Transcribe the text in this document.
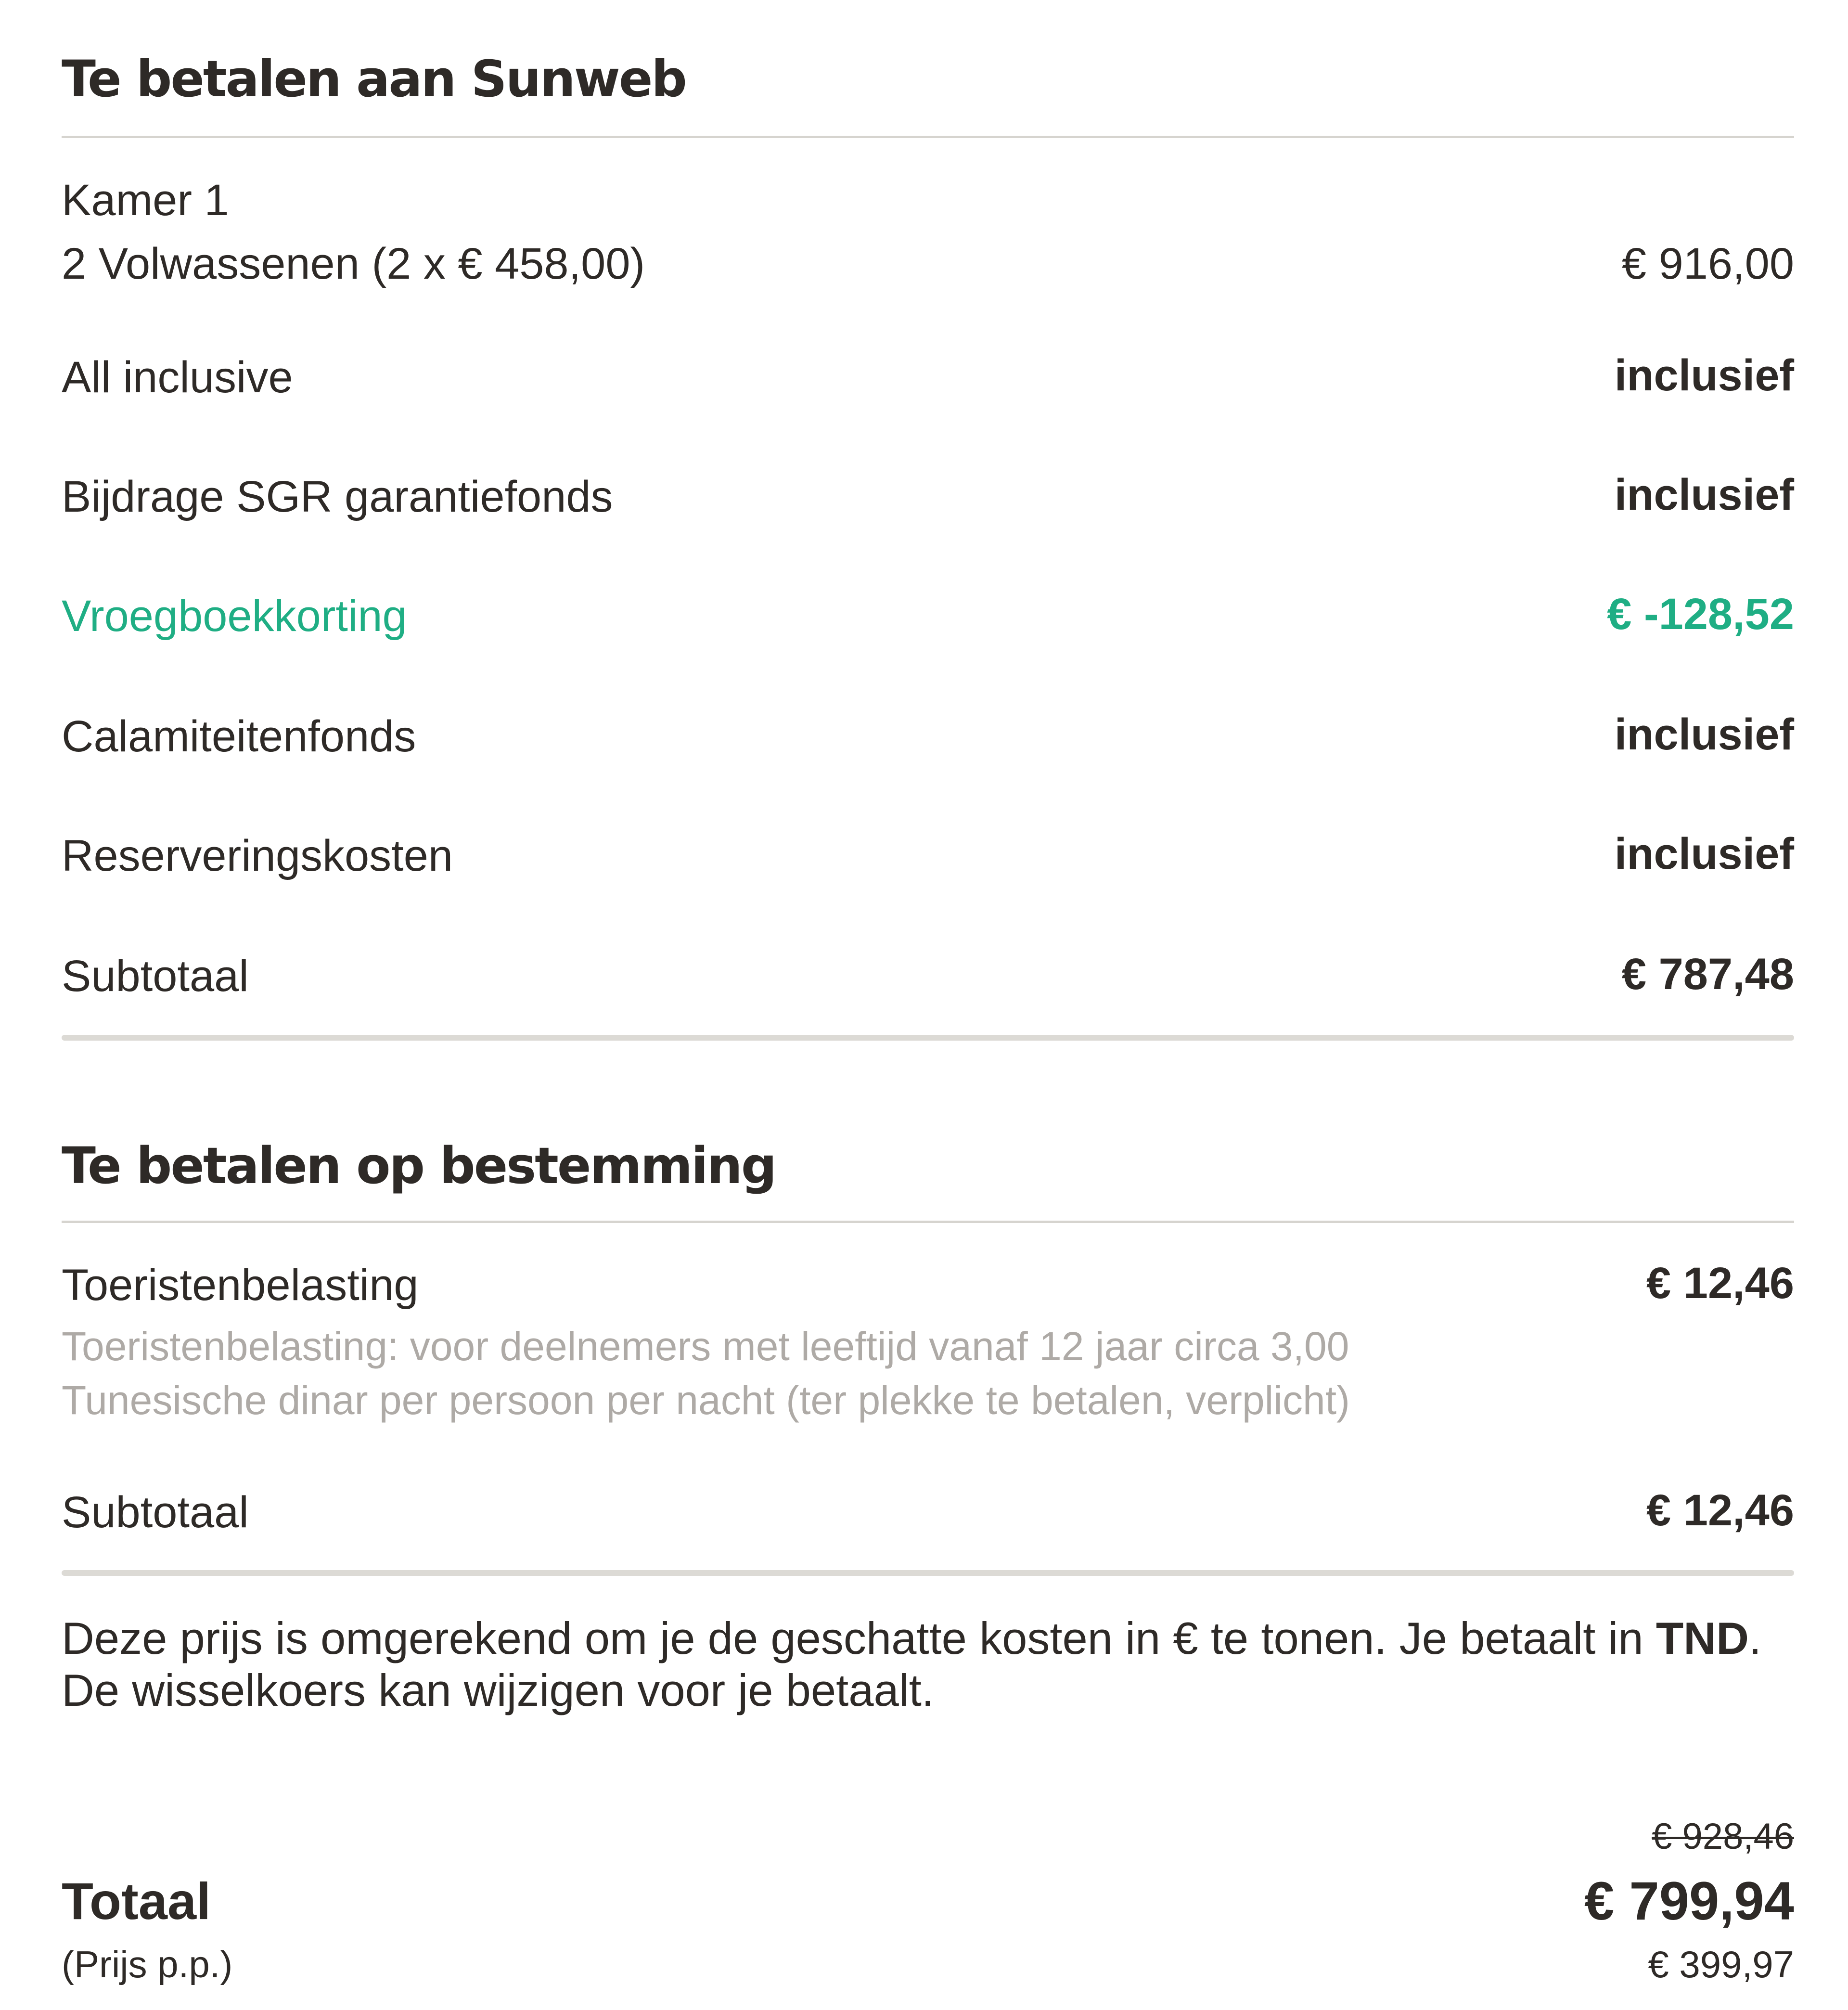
Te betalen aan Sunweb
Kamer 1
2 Volwassenen (2 x € 458,00)	€ 916,00
All inclusive	inclusief
Bijdrage SGR garantiefonds	inclusief
Vroegboekkorting	€ -128,52
Calamiteitenfonds	inclusief
Reserveringskosten	inclusief
Subtotaal	€ 787,48
Te betalen op bestemming
Toeristenbelasting	€ 12,46
Toeristenbelasting: voor deelnemers met leeftijd vanaf 12 jaar circa 3,00
Tunesische dinar per persoon per nacht (ter plekke te betalen, verplicht)
Subtotaal	€ 12,46
Deze prijs is omgerekend om je de geschatte kosten in € te tonen. Je betaalt in TND. De wisselkoers kan wijzigen voor je betaalt.
€ 928,46
Totaal	€ 799,94
(Prijs p.p.)	€ 399,97
